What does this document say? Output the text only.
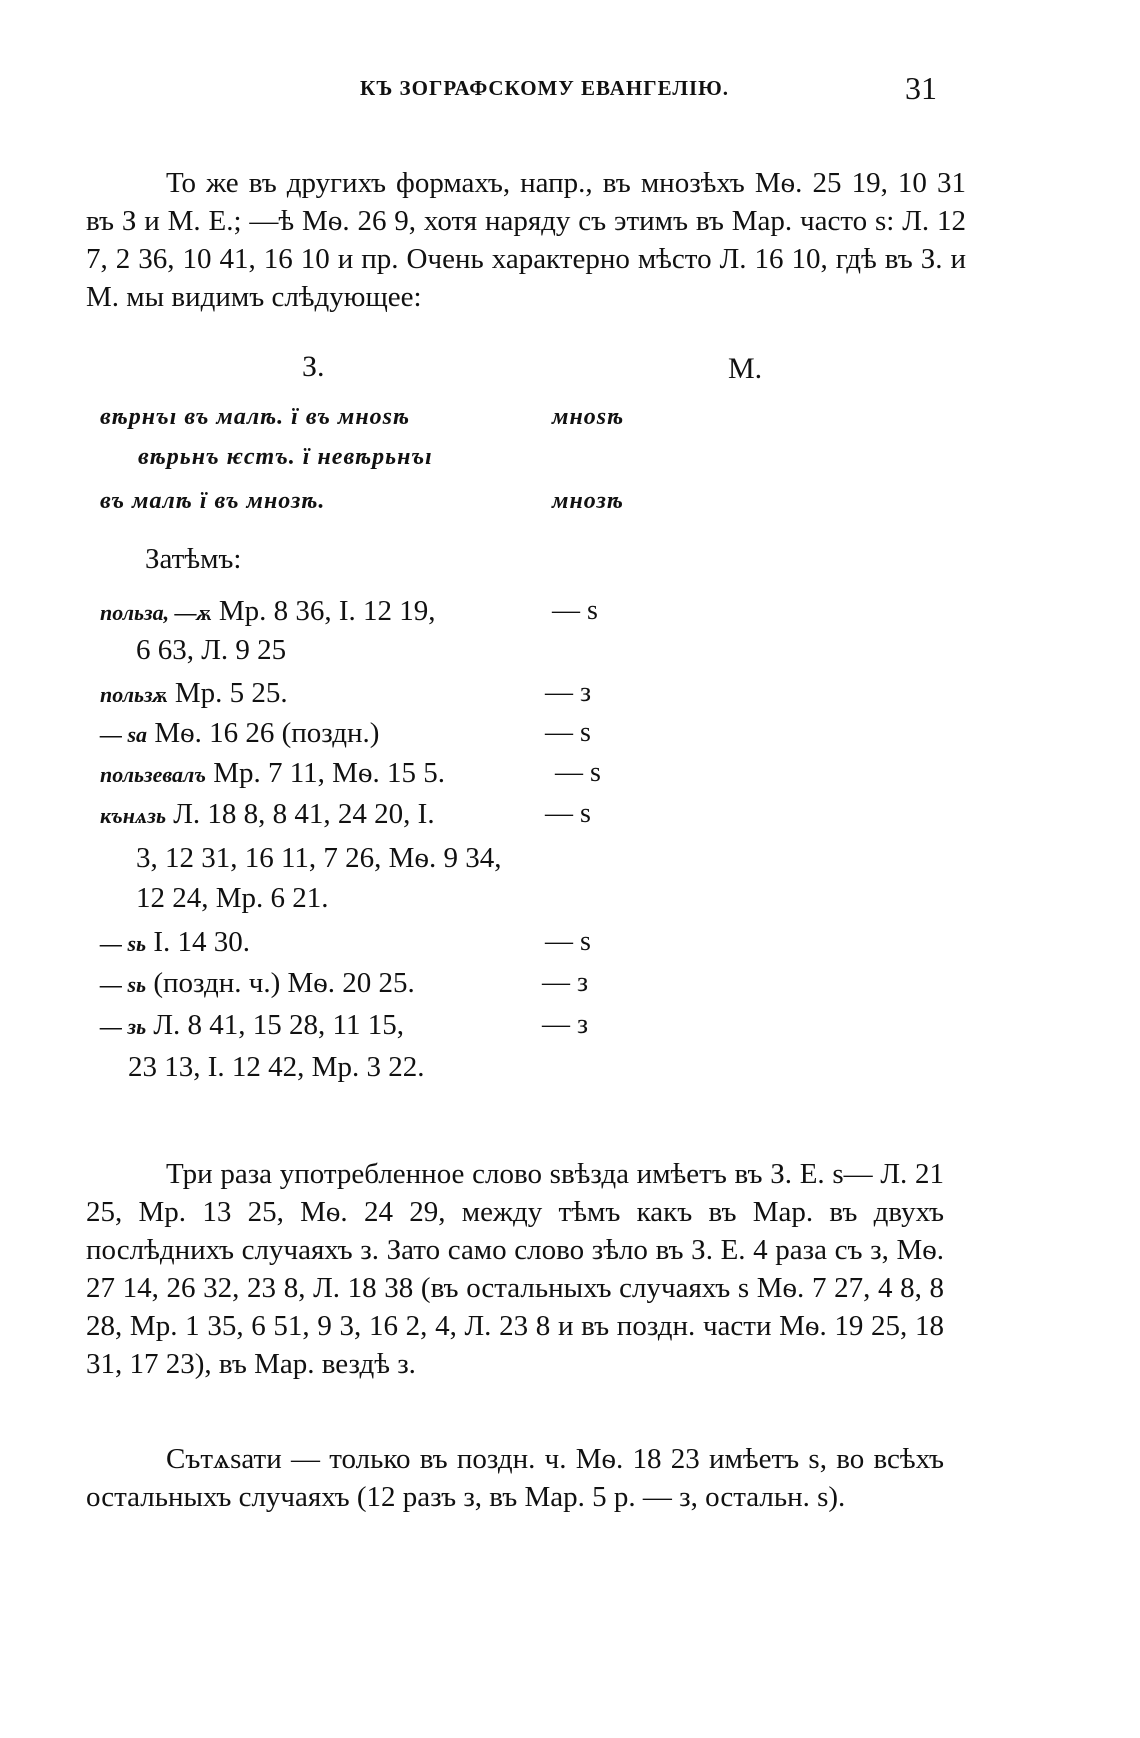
КЪ ЗОГРАФСКОМУ ЕВАНГЕЛІЮ.	31

То же въ другихъ формахъ, напр., въ мнозѣхъ Мѳ. 25 19, 10 31 въ З и М. Е.; —ѣ Мѳ. 26 9, хотя наряду съ этимъ въ Мар. часто ѕ: Л. 12 7, 2 36, 10 41, 16 10 и пр. Очень характерно мѣсто Л. 16 10, гдѣ въ З. и М. мы видимъ слѣдующее:

З.	М.
вѣрнъı въ малѣ. ї въ мноѕѣ	мноѕѣ
вѣрьнъ ѥстъ. ї невѣрьнъı
въ малѣ ї въ мнозѣ.	мнозѣ
Затѣмъ:
польза, —ѫ Мр. 8 36, I. 12 19,	— ѕ
6 63, Л. 9 25
пользѫ Мр. 5 25.	— з
— ѕа Мѳ. 16 26 (поздн.)	— ѕ
пользевалъ Мр. 7 11, Мѳ. 15 5.	— ѕ
кънѧзь Л. 18 8, 8 41, 24 20, I.	— ѕ
3, 12 31, 16 11, 7 26, Мѳ. 9 34,
12 24, Мр. 6 21.
— ѕь I. 14 30.	— ѕ
— ѕь (поздн. ч.) Мѳ. 20 25.	— з
— зь Л. 8 41, 15 28, 11 15,	— з
23 13, I. 12 42, Мр. 3 22.

Три раза употребленное слово ѕвѣзда имѣетъ въ З. Е. ѕ— Л. 21 25, Мр. 13 25, Мѳ. 24 29, между тѣмъ какъ въ Мар. въ двухъ послѣднихъ случаяхъ з. Зато само слово зѣло въ З. Е. 4 раза съ з, Мѳ. 27 14, 26 32, 23 8, Л. 18 38 (въ остальныхъ случаяхъ ѕ Мѳ. 7 27, 4 8, 8 28, Мр. 1 35, 6 51, 9 3, 16 2, 4, Л. 23 8 и въ поздн. части Мѳ. 19 25, 18 31, 17 23), въ Мар. вездѣ з.

Сътѧѕати — только въ поздн. ч. Мѳ. 18 23 имѣетъ ѕ, во всѣхъ остальныхъ случаяхъ (12 разъ з, въ Мар. 5 р. — з, остальн. ѕ).
